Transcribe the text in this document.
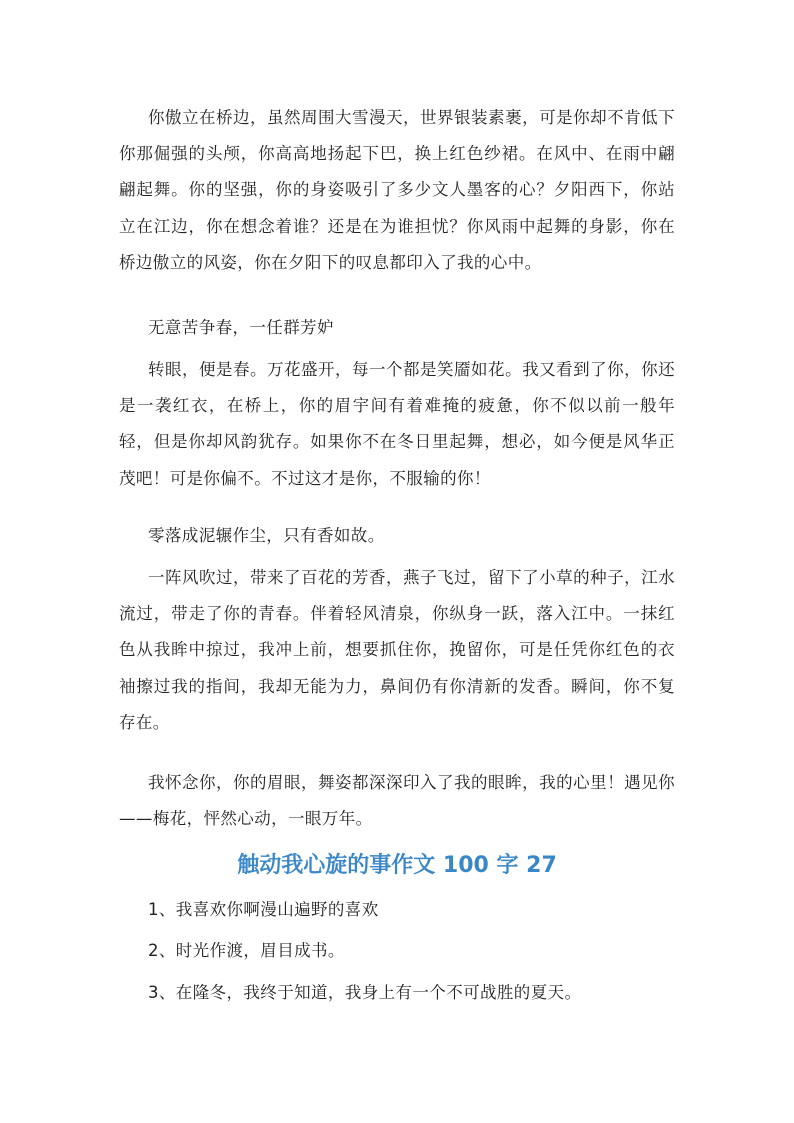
你傲立在桥边，虽然周围大雪漫天，世界银装素裹，可是你却不肯低下你那倔强的头颅，你高高地扬起下巴，换上红色纱裙。在风中、在雨中翩翩起舞。你的坚强，你的身姿吸引了多少文人墨客的心？夕阳西下，你站立在江边，你在想念着谁？还是在为谁担忧？你风雨中起舞的身影，你在桥边傲立的风姿，你在夕阳下的叹息都印入了我的心中。

无意苦争春，一任群芳妒

转眼，便是春。万花盛开，每一个都是笑靥如花。我又看到了你，你还是一袭红衣，在桥上，你的眉宇间有着难掩的疲惫，你不似以前一般年轻，但是你却风韵犹存。如果你不在冬日里起舞，想必，如今便是风华正茂吧！可是你偏不。不过这才是你，不服输的你！

零落成泥辗作尘，只有香如故。

一阵风吹过，带来了百花的芳香，燕子飞过，留下了小草的种子，江水流过，带走了你的青春。伴着轻风清泉，你纵身一跃，落入江中。一抹红色从我眸中掠过，我冲上前，想要抓住你，挽留你，可是任凭你红色的衣袖擦过我的指间，我却无能为力，鼻间仍有你清新的发香。瞬间，你不复存在。

我怀念你，你的眉眼，舞姿都深深印入了我的眼眸，我的心里！遇见你——梅花，怦然心动，一眼万年。

触动我心旋的事作文 100 字 27

1、我喜欢你啊漫山遍野的喜欢

2、时光作渡，眉目成书。

3、在隆冬，我终于知道，我身上有一个不可战胜的夏天。
